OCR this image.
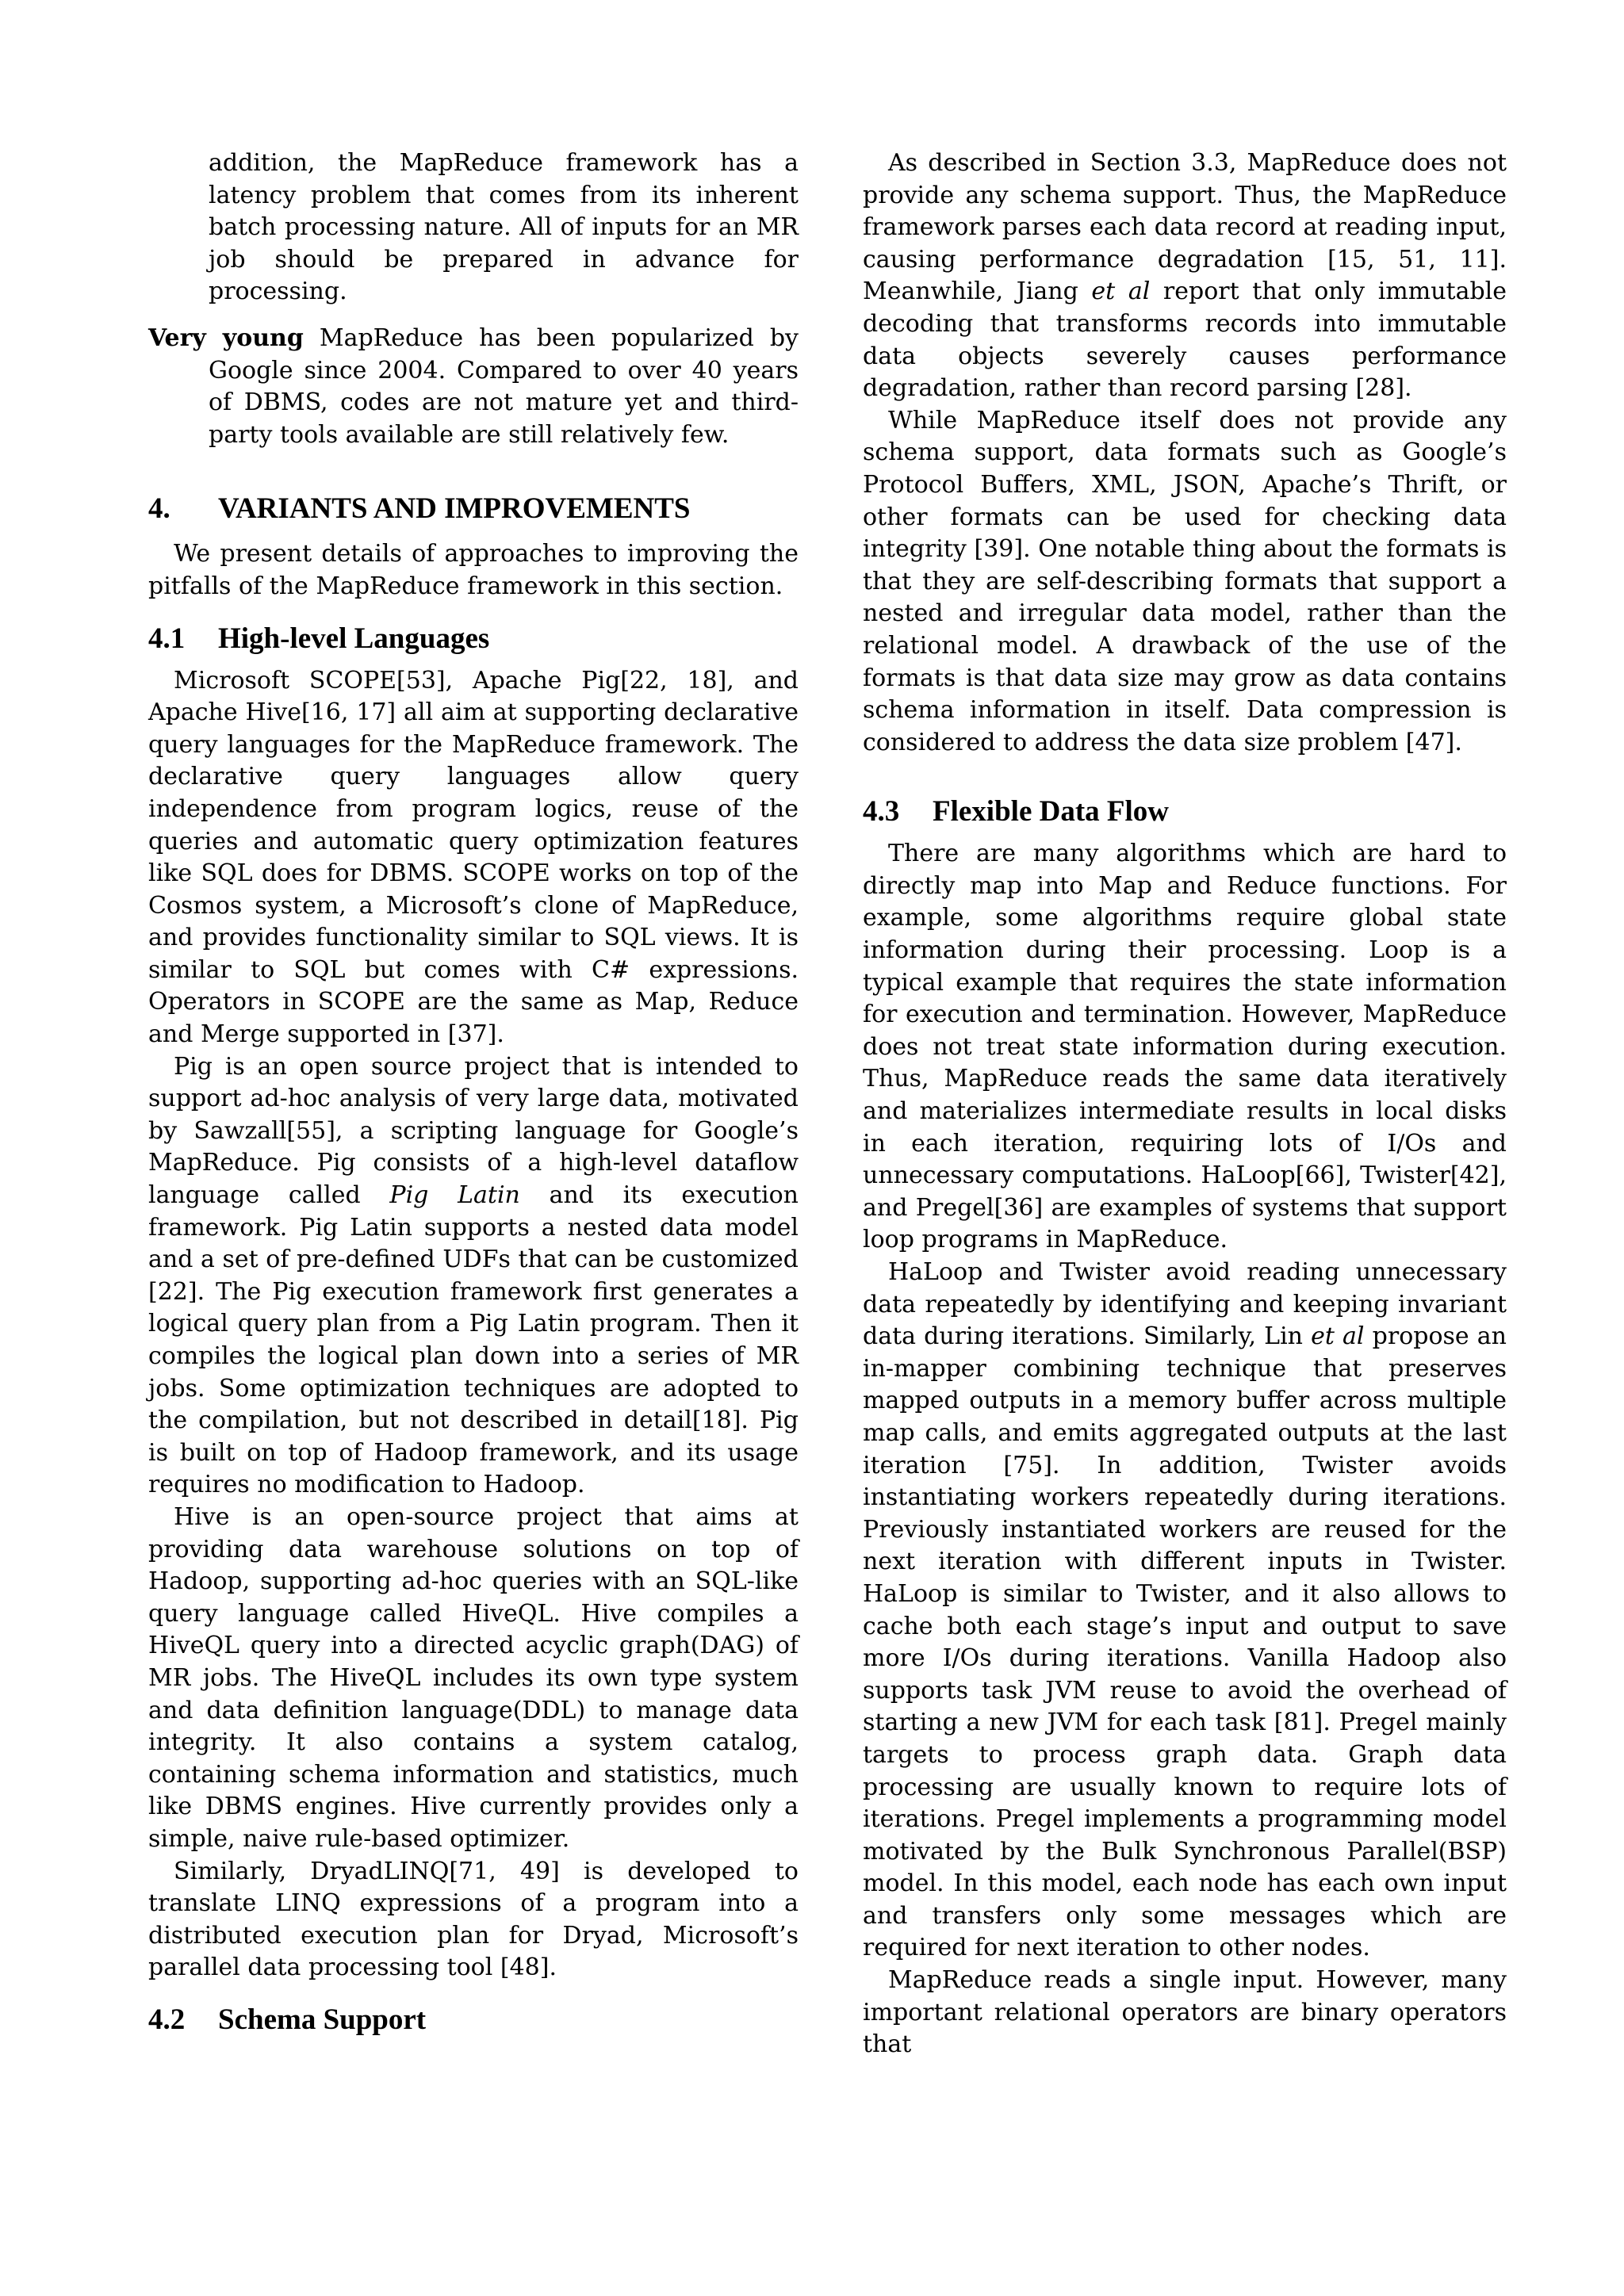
addition, the MapReduce framework has a latency problem that comes from its inherent batch processing nature. All of inputs for an MR job should be prepared in advance for processing.

Very young MapReduce has been popularized by Google since 2004. Compared to over 40 years of DBMS, codes are not mature yet and third-party tools available are still relatively few.
4. VARIANTS AND IMPROVEMENTS

We present details of approaches to improving the pitfalls of the MapReduce framework in this section.

4.1 High-level Languages

Microsoft SCOPE[53], Apache Pig[22, 18], and Apache Hive[16, 17] all aim at supporting declarative query languages for the MapReduce framework. The declarative query languages allow query independence from program logics, reuse of the queries and automatic query optimization features like SQL does for DBMS. SCOPE works on top of the Cosmos system, a Microsoft’s clone of MapReduce, and provides functionality similar to SQL views. It is similar to SQL but comes with C# expressions. Operators in SCOPE are the same as Map, Reduce and Merge supported in [37].

Pig is an open source project that is intended to support ad-hoc analysis of very large data, motivated by Sawzall[55], a scripting language for Google’s MapReduce. Pig consists of a high-level dataflow language called Pig Latin and its execution framework. Pig Latin supports a nested data model and a set of pre-defined UDFs that can be customized [22]. The Pig execution framework first generates a logical query plan from a Pig Latin program. Then it compiles the logical plan down into a series of MR jobs. Some optimization techniques are adopted to the compilation, but not described in detail[18]. Pig is built on top of Hadoop framework, and its usage requires no modification to Hadoop.

Hive is an open-source project that aims at providing data warehouse solutions on top of Hadoop, supporting ad-hoc queries with an SQL-like query language called HiveQL. Hive compiles a HiveQL query into a directed acyclic graph(DAG) of MR jobs. The HiveQL includes its own type system and data definition language(DDL) to manage data integrity. It also contains a system catalog, containing schema information and statistics, much like DBMS engines. Hive currently provides only a simple, naive rule-based optimizer.

Similarly, DryadLINQ[71, 49] is developed to translate LINQ expressions of a program into a distributed execution plan for Dryad, Microsoft’s parallel data processing tool [48].

4.2 Schema Support

As described in Section 3.3, MapReduce does not provide any schema support. Thus, the MapReduce framework parses each data record at reading input, causing performance degradation [15, 51, 11]. Meanwhile, Jiang et al report that only immutable decoding that transforms records into immutable data objects severely causes performance degradation, rather than record parsing [28].

While MapReduce itself does not provide any schema support, data formats such as Google’s Protocol Buffers, XML, JSON, Apache’s Thrift, or other formats can be used for checking data integrity [39]. One notable thing about the formats is that they are self-describing formats that support a nested and irregular data model, rather than the relational model. A drawback of the use of the formats is that data size may grow as data contains schema information in itself. Data compression is considered to address the data size problem [47].

4.3 Flexible Data Flow

There are many algorithms which are hard to directly map into Map and Reduce functions. For example, some algorithms require global state information during their processing. Loop is a typical example that requires the state information for execution and termination. However, MapReduce does not treat state information during execution. Thus, MapReduce reads the same data iteratively and materializes intermediate results in local disks in each iteration, requiring lots of I/Os and unnecessary computations. HaLoop[66], Twister[42], and Pregel[36] are examples of systems that support loop programs in MapReduce.

HaLoop and Twister avoid reading unnecessary data repeatedly by identifying and keeping invariant data during iterations. Similarly, Lin et al propose an in-mapper combining technique that preserves mapped outputs in a memory buffer across multiple map calls, and emits aggregated outputs at the last iteration [75]. In addition, Twister avoids instantiating workers repeatedly during iterations. Previously instantiated workers are reused for the next iteration with different inputs in Twister. HaLoop is similar to Twister, and it also allows to cache both each stage’s input and output to save more I/Os during iterations. Vanilla Hadoop also supports task JVM reuse to avoid the overhead of starting a new JVM for each task [81]. Pregel mainly targets to process graph data. Graph data processing are usually known to require lots of iterations. Pregel implements a programming model motivated by the Bulk Synchronous Parallel(BSP) model. In this model, each node has each own input and transfers only some messages which are required for next iteration to other nodes.

MapReduce reads a single input. However, many important relational operators are binary operators that
